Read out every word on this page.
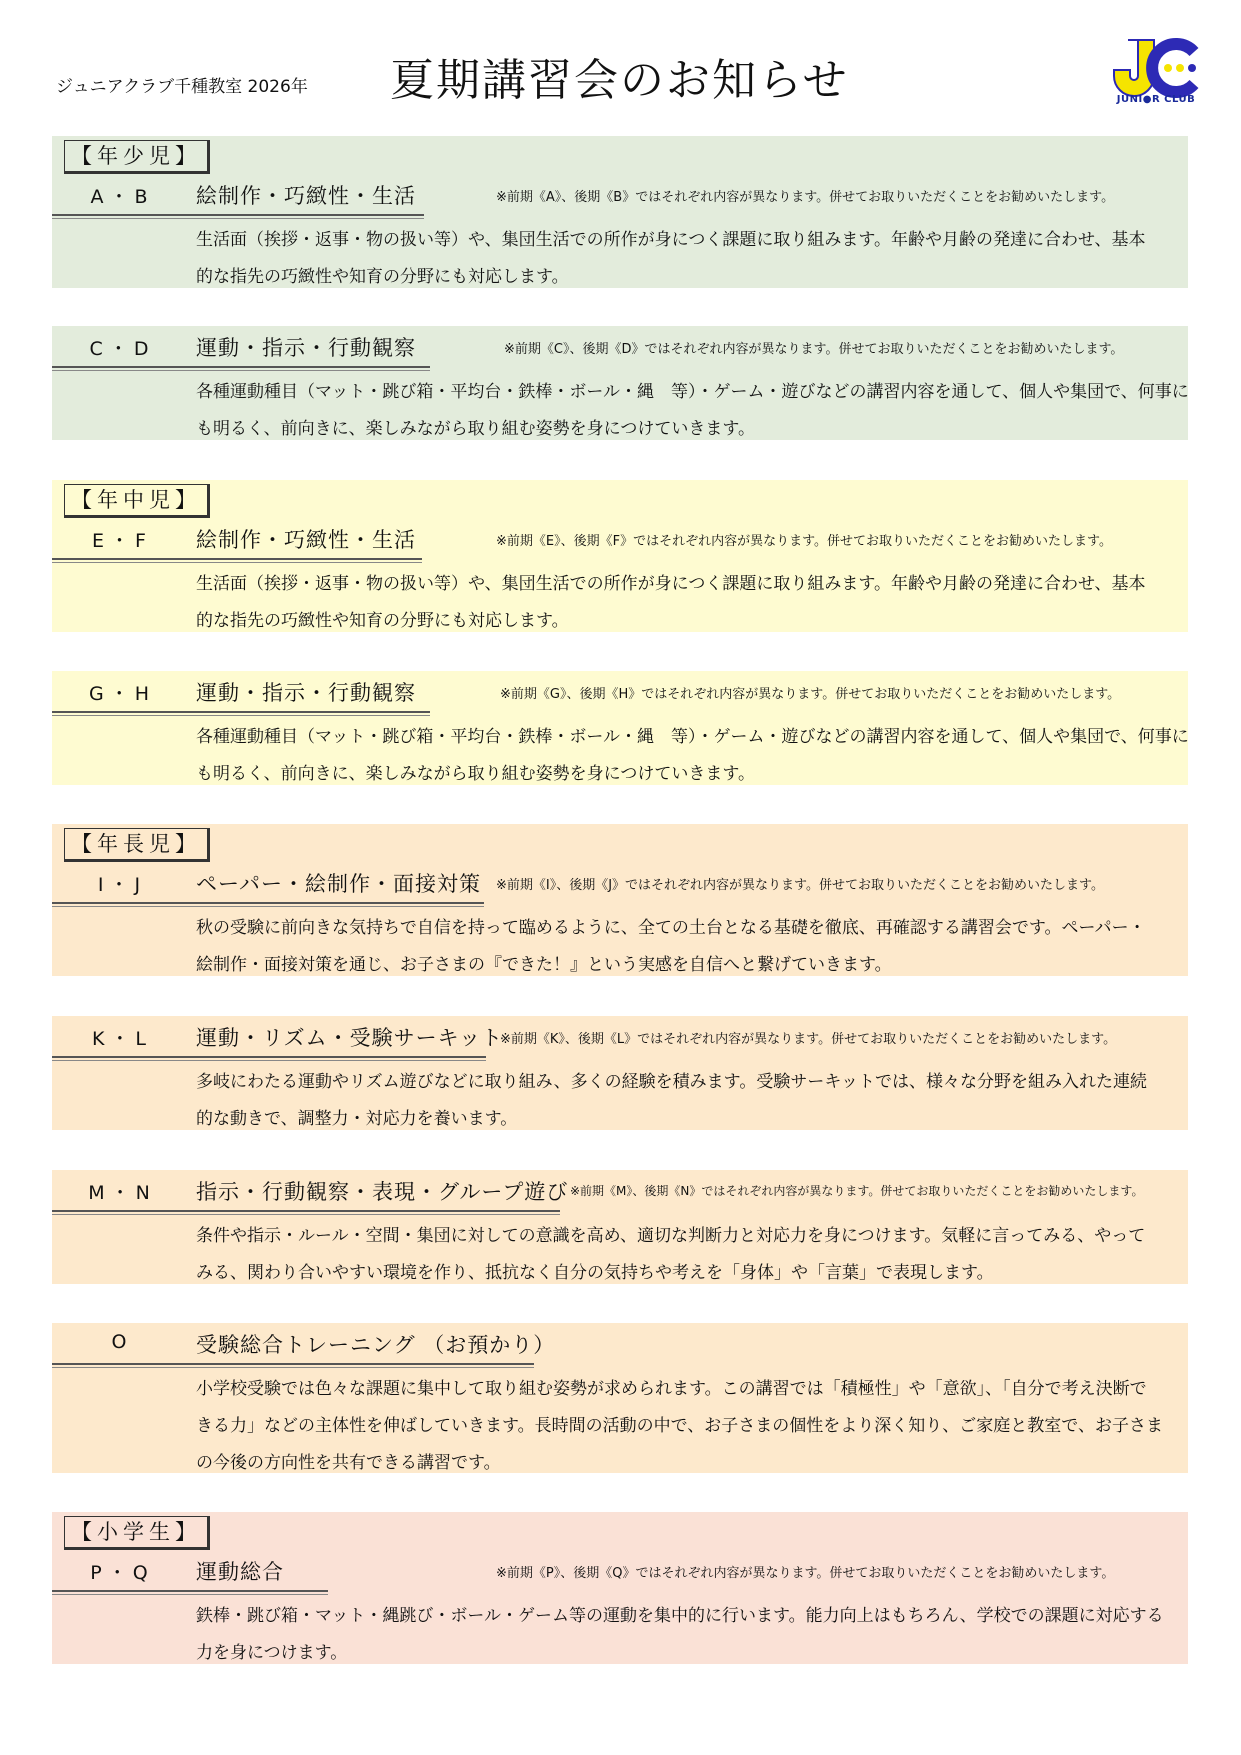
ジュニアクラブ千種教室 2026年 夏期講習会のお知らせ	JUNI●R CLUB
【年少児】
A・B	絵制作・巧緻性・生活	※前期《A》、後期《B》ではそれぞれ内容が異なります。併せてお取りいただくことをお勧めいたします。
生活面（挨拶・返事・物の扱い等）や、集団生活での所作が身につく課題に取り組みます。年齢や月齢の発達に合わせ、基本
的な指先の巧緻性や知育の分野にも対応します。
C・D	運動・指示・行動観察	※前期《C》、後期《D》ではそれぞれ内容が異なります。併せてお取りいただくことをお勧めいたします。
各種運動種目（マット・跳び箱・平均台・鉄棒・ボール・縄　等）・ゲーム・遊びなどの講習内容を通して、個人や集団で、何事に
も明るく、前向きに、楽しみながら取り組む姿勢を身につけていきます。
【年中児】
E・F	絵制作・巧緻性・生活	※前期《E》、後期《F》ではそれぞれ内容が異なります。併せてお取りいただくことをお勧めいたします。
生活面（挨拶・返事・物の扱い等）や、集団生活での所作が身につく課題に取り組みます。年齢や月齢の発達に合わせ、基本
的な指先の巧緻性や知育の分野にも対応します。
G・H	運動・指示・行動観察	※前期《G》、後期《H》ではそれぞれ内容が異なります。併せてお取りいただくことをお勧めいたします。
各種運動種目（マット・跳び箱・平均台・鉄棒・ボール・縄　等）・ゲーム・遊びなどの講習内容を通して、個人や集団で、何事に
も明るく、前向きに、楽しみながら取り組む姿勢を身につけていきます。
【年長児】
I・J	ペーパー・絵制作・面接対策 ※前期《I》、後期《J》ではそれぞれ内容が異なります。併せてお取りいただくことをお勧めいたします。
秋の受験に前向きな気持ちで自信を持って臨めるように、全ての土台となる基礎を徹底、再確認する講習会です。ペーパー・
絵制作・面接対策を通じ、お子さまの『できた！』という実感を自信へと繋げていきます。
K・L	運動・リズム・受験サーキット
※前期《K》、後期《L》ではそれぞれ内容が異なります。併せてお取りいただくことをお勧めいたします。
多岐にわたる運動やリズム遊びなどに取り組み、多くの経験を積みます。受験サーキットでは、様々な分野を組み入れた連続
的な動きで、調整力・対応力を養います。
M・N	指示・行動観察・表現・グループ遊び ※前期《M》、後期《N》ではそれぞれ内容が異なります。併せてお取りいただくことをお勧めいたします。
条件や指示・ルール・空間・集団に対しての意識を高め、適切な判断力と対応力を身につけます。気軽に言ってみる、やって
みる、関わり合いやすい環境を作り、抵抗なく自分の気持ちや考えを「身体」や「言葉」で表現します。
O	受験総合トレーニング （お預かり）
小学校受験では色々な課題に集中して取り組む姿勢が求められます。この講習では「積極性」や「意欲」、「自分で考え決断で
きる力」などの主体性を伸ばしていきます。長時間の活動の中で、お子さまの個性をより深く知り、ご家庭と教室で、お子さま
の今後の方向性を共有できる講習です。
【小学生】
P・Q	運動総合	※前期《P》、後期《Q》ではそれぞれ内容が異なります。併せてお取りいただくことをお勧めいたします。
鉄棒・跳び箱・マット・縄跳び・ボール・ゲーム等の運動を集中的に行います。能力向上はもちろん、学校での課題に対応する
力を身につけます。
